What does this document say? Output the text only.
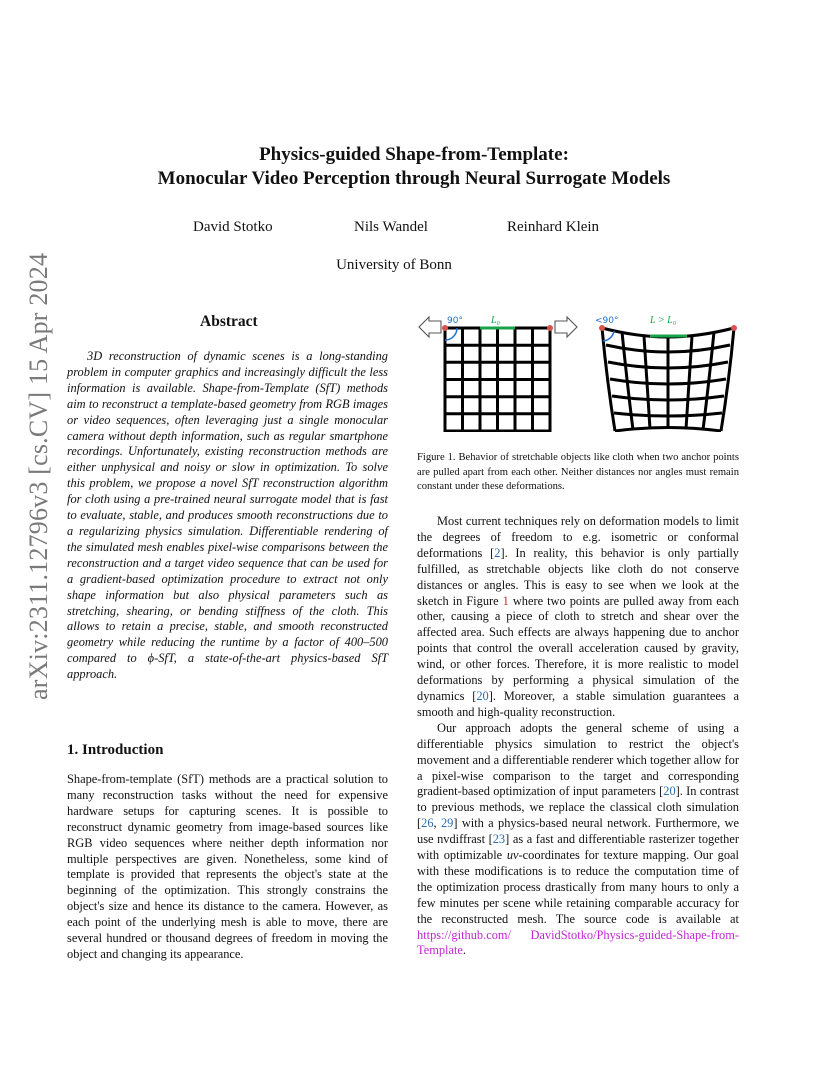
arXiv:2311.12796v3 [cs.CV] 15 Apr 2024
Physics-guided Shape-from-Template:
Monocular Video Perception through Neural Surrogate Models
David Stotko	Nils Wandel	Reinhard Klein
University of Bonn
Abstract
3D reconstruction of dynamic scenes is a long-standing problem in computer graphics and increasingly difficult the less information is available. Shape-from-Template (SfT) methods aim to reconstruct a template-based geometry from RGB images or video sequences, often leveraging just a single monocular camera without depth information, such as regular smartphone recordings. Unfortunately, existing reconstruction methods are either unphysical and noisy or slow in optimization. To solve this problem, we propose a novel SfT reconstruction algorithm for cloth using a pre-trained neural surrogate model that is fast to evaluate, stable, and produces smooth reconstructions due to a regularizing physics simulation. Differentiable rendering of the simulated mesh enables pixel-wise comparisons between the reconstruction and a target video sequence that can be used for a gradient-based optimization procedure to extract not only shape information but also physical parameters such as stretching, shearing, or bending stiffness of the cloth. This allows to retain a precise, stable, and smooth reconstructed geometry while reducing the runtime by a factor of 400–500 compared to ϕ-SfT, a state-of-the-art physics-based SfT approach.
1. Introduction
Shape-from-template (SfT) methods are a practical solution to many reconstruction tasks without the need for expensive hardware setups for capturing scenes. It is possible to reconstruct dynamic geometry from image-based sources like RGB video sequences where neither depth information nor multiple perspectives are given. Nonetheless, some kind of template is provided that represents the object's state at the beginning of the optimization. This strongly constrains the object's size and hence its distance to the camera. However, as each point of the underlying mesh is able to move, there are several hundred or thousand degrees of freedom in moving the object and changing its appearance.
90°	L₀	<90°	L > L₀
Figure 1. Behavior of stretchable objects like cloth when two anchor points are pulled apart from each other. Neither distances nor angles must remain constant under these deformations.

Most current techniques rely on deformation models to limit the degrees of freedom to e.g. isometric or conformal deformations [2]. In reality, this behavior is only partially fulfilled, as stretchable objects like cloth do not conserve distances or angles. This is easy to see when we look at the sketch in Figure 1 where two points are pulled away from each other, causing a piece of cloth to stretch and shear over the affected area. Such effects are always happening due to anchor points that control the overall acceleration caused by gravity, wind, or other forces. Therefore, it is more realistic to model deformations by performing a physical simulation of the dynamics [20]. Moreover, a stable simulation guarantees a smooth and high-quality reconstruction.

Our approach adopts the general scheme of using a differentiable physics simulation to restrict the object's movement and a differentiable renderer which together allow for a pixel-wise comparison to the target and corresponding gradient-based optimization of input parameters [20]. In contrast to previous methods, we replace the classical cloth simulation [26, 29] with a physics-based neural network. Furthermore, we use nvdiffrast [23] as a fast and differentiable rasterizer together with optimizable uv-coordinates for texture mapping. Our goal with these modifications is to reduce the computation time of the optimization process drastically from many hours to only a few minutes per scene while retaining comparable accuracy for the reconstructed mesh. The source code is available at https://github.com/ DavidStotko/Physics-guided-Shape-from-Template.
